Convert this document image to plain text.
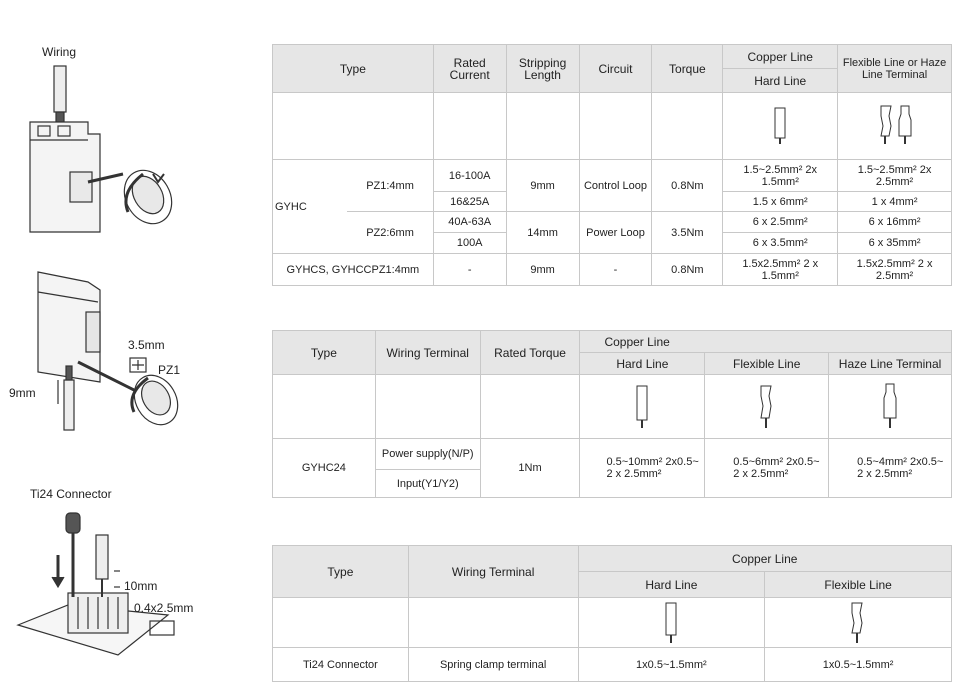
Wiring
3.5mm
PZ1
9mm
Ti24 Connector
10mm
0.4x2.5mm
Type		Rated Current	Stripping Length	Circuit	Torque	Copper Line	Flexible Line or Haze Line Terminal
						Hard Line	

GYHC	PZ1:4mm	16-100A	9mm	Control Loop	0.8Nm	1.5~2.5mm² 2x 1.5mm²	1.5~2.5mm² 2x 2.5mm²
		16&25A				1.5 x 6mm²	1 x 4mm²
	PZ2:6mm	40A-63A	14mm	Power Loop	3.5Nm	6 x 2.5mm²	6 x 16mm²
		100A				6 x 3.5mm²	6 x 35mm²
GYHCS, GYHCCPZ1:4mm		-	9mm	-	0.8Nm	1.5x2.5mm² 2 x 1.5mm²	1.5x2.5mm² 2 x 2.5mm²
Type	Wiring Terminal	Rated Torque	Copper Line		
			Hard Line	Flexible Line	Haze Line Terminal

GYHC24	Power supply(N/P)	1Nm	0.5~10mm² 2x0.5~ 2 x 2.5mm²	0.5~6mm² 2x0.5~ 2 x 2.5mm²	0.5~4mm² 2x0.5~ 2 x 2.5mm²
	Input(Y1/Y2)				
Type	Wiring Terminal	Copper Line	
		Hard Line	Flexible Line

Ti24 Connector	Spring clamp terminal	1x0.5~1.5mm²	1x0.5~1.5mm²
